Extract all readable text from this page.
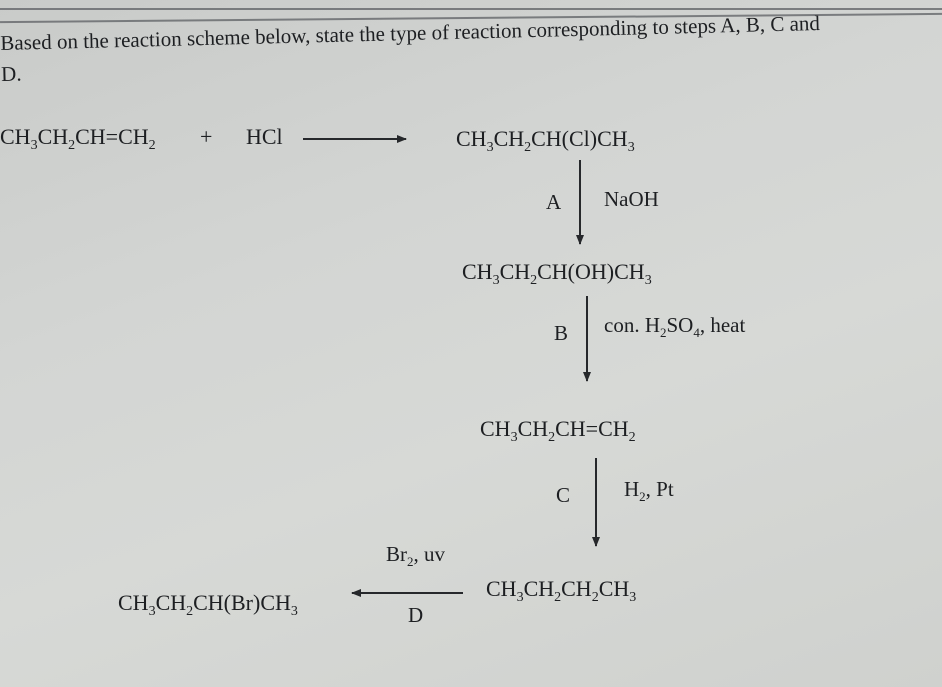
Based on the reaction scheme below, state the type of reaction corresponding to steps A, B, C and
D.
$CH_3CH_2CH=CH_2$ + HCl	$CH_3CH_2CH(Cl)CH_3$
A NaOH
$CH_3CH_2CH(OH)CH_3$
B con. $H_2SO_4$, heat
$CH_3CH_2CH=CH_2$
C	$H_2$, Pt
$Br_2$, uv
D
$CH_3CH_2CH(Br)CH_3$
$CH_3CH_2CH_2CH_3$
